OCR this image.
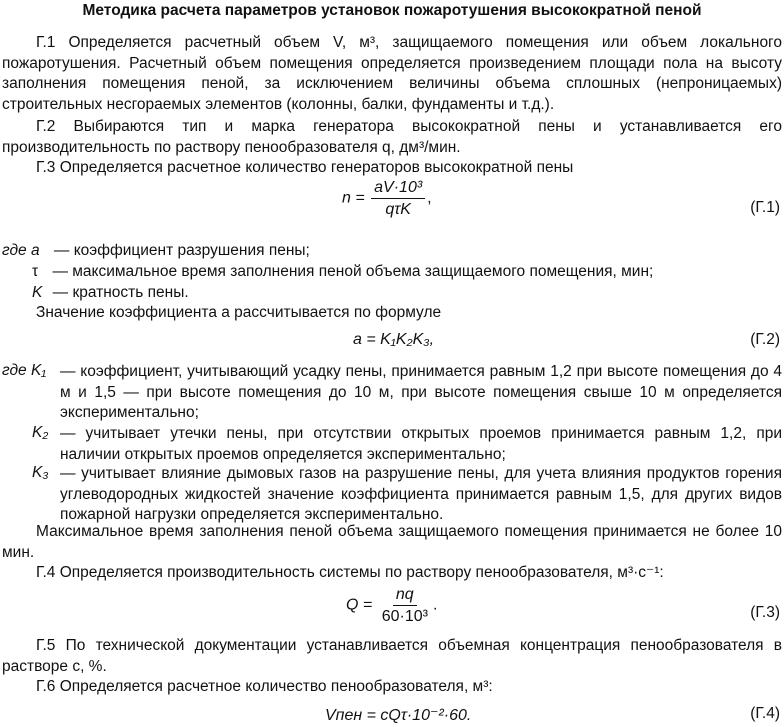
Методика расчета параметров установок пожаротушения высокократной пеной
Г.1 Определяется расчетный объем V, м³, защищаемого помещения или объем локального пожаротушения. Расчетный объем помещения определяется произведением площади пола на высоту заполнения помещения пеной, за исключением величины объема сплошных (непроницаемых) строительных несгораемых элементов (колонны, балки, фундаменты и т.д.).
Г.2 Выбираются тип и марка генератора высокократной пены и устанавливается его производительность по раствору пенообразователя q, дм³/мин.
Г.3 Определяется расчетное количество генераторов высокократной пены
$n = \frac{\text{aV·10³}}{\text{qτK}}$ ,
(Г.1)
где a — коэффициент разрушения пены;
τ — максимальное время заполнения пеной объема защищаемого помещения, мин;
K — кратность пены.
Значение коэффициента a рассчитывается по формуле
a = K₁K₂K₃,	(Г.2)
где K₁ — коэффициент, учитывающий усадку пены, принимается равным 1,2 при высоте помещения до 4 м и 1,5 — при высоте помещения до 10 м, при высоте помещения свыше 10 м определяется экспериментально;
K₂ — учитывает утечки пены, при отсутствии открытых проемов принимается равным 1,2, при наличии открытых проемов определяется экспериментально;
K₃ — учитывает влияние дымовых газов на разрушение пены, для учета влияния продуктов горения углеводородных жидкостей значение коэффициента принимается равным 1,5, для других видов пожарной нагрузки определяется экспериментально.
Максимальное время заполнения пеной объема защищаемого помещения принимается не более 10 мин.
Г.4 Определяется производительность системы по раствору пенообразователя, м³·с⁻¹:
$Q = \frac{nq}{\text{60·10³}}$ .	(Г.3)
Г.5 По технической документации устанавливается объемная концентрация пенообразователя в растворе c, %.
Г.6 Определяется расчетное количество пенообразователя, м³:
Vпен = cQτ·10⁻²·60.	(Г.4)
